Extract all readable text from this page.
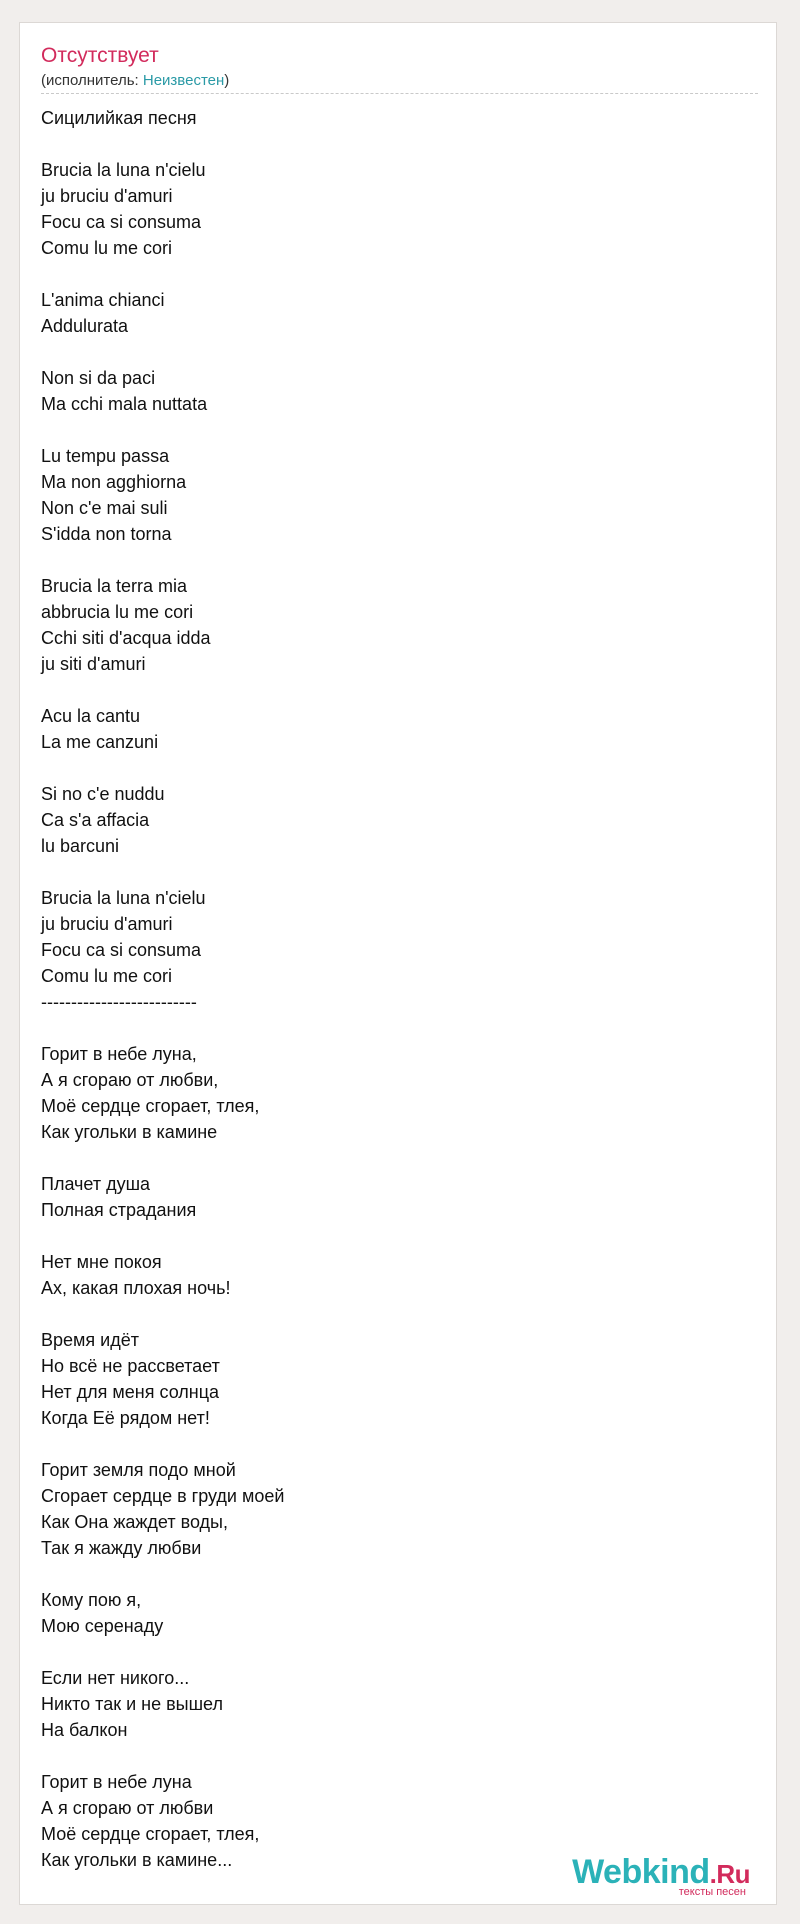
Отсутствует
(исполнитель: Неизвестен)
Сицилийкая песня
Brucia la luna n'cielu
ju bruciu d'amuri
Focu ca si consuma
Comu lu me cori
L'anima chianci
Addulurata
Non si da paci
Ma cchi mala nuttata
Lu tempu passa
Ma non agghiorna
Non c'e mai suli
S'idda non torna
Brucia la terra mia
abbrucia lu me cori
Cchi siti d'acqua idda
ju siti d'amuri
Acu la cantu
La me canzuni
Si no c'e nuddu
Ca s'a affacia
lu barcuni
Brucia la luna n'cielu
ju bruciu d'amuri
Focu ca si consuma
Comu lu me cori
--------------------------
Горит в небе луна,
А я сгораю от любви,
Моё сердце сгорает, тлея,
Как угольки в камине
Плачет душа
Полная страдания
Нет мне покоя
Ах, какая плохая ночь!
Время идёт
Но всё не рассветает
Нет для меня солнца
Когда Её рядом нет!
Горит земля подо мной
Сгорает сердце в груди моей
Как Она жаждет воды,
Так я жажду любви
Кому пою я,
Мою серенаду
Если нет никого...
Никто так и не вышел
На балкон
Горит в небе луна
А я сгораю от любви
Моё сердце сгорает, тлея,
Как угольки в камине...	Webkind.Ru
тексты песен
